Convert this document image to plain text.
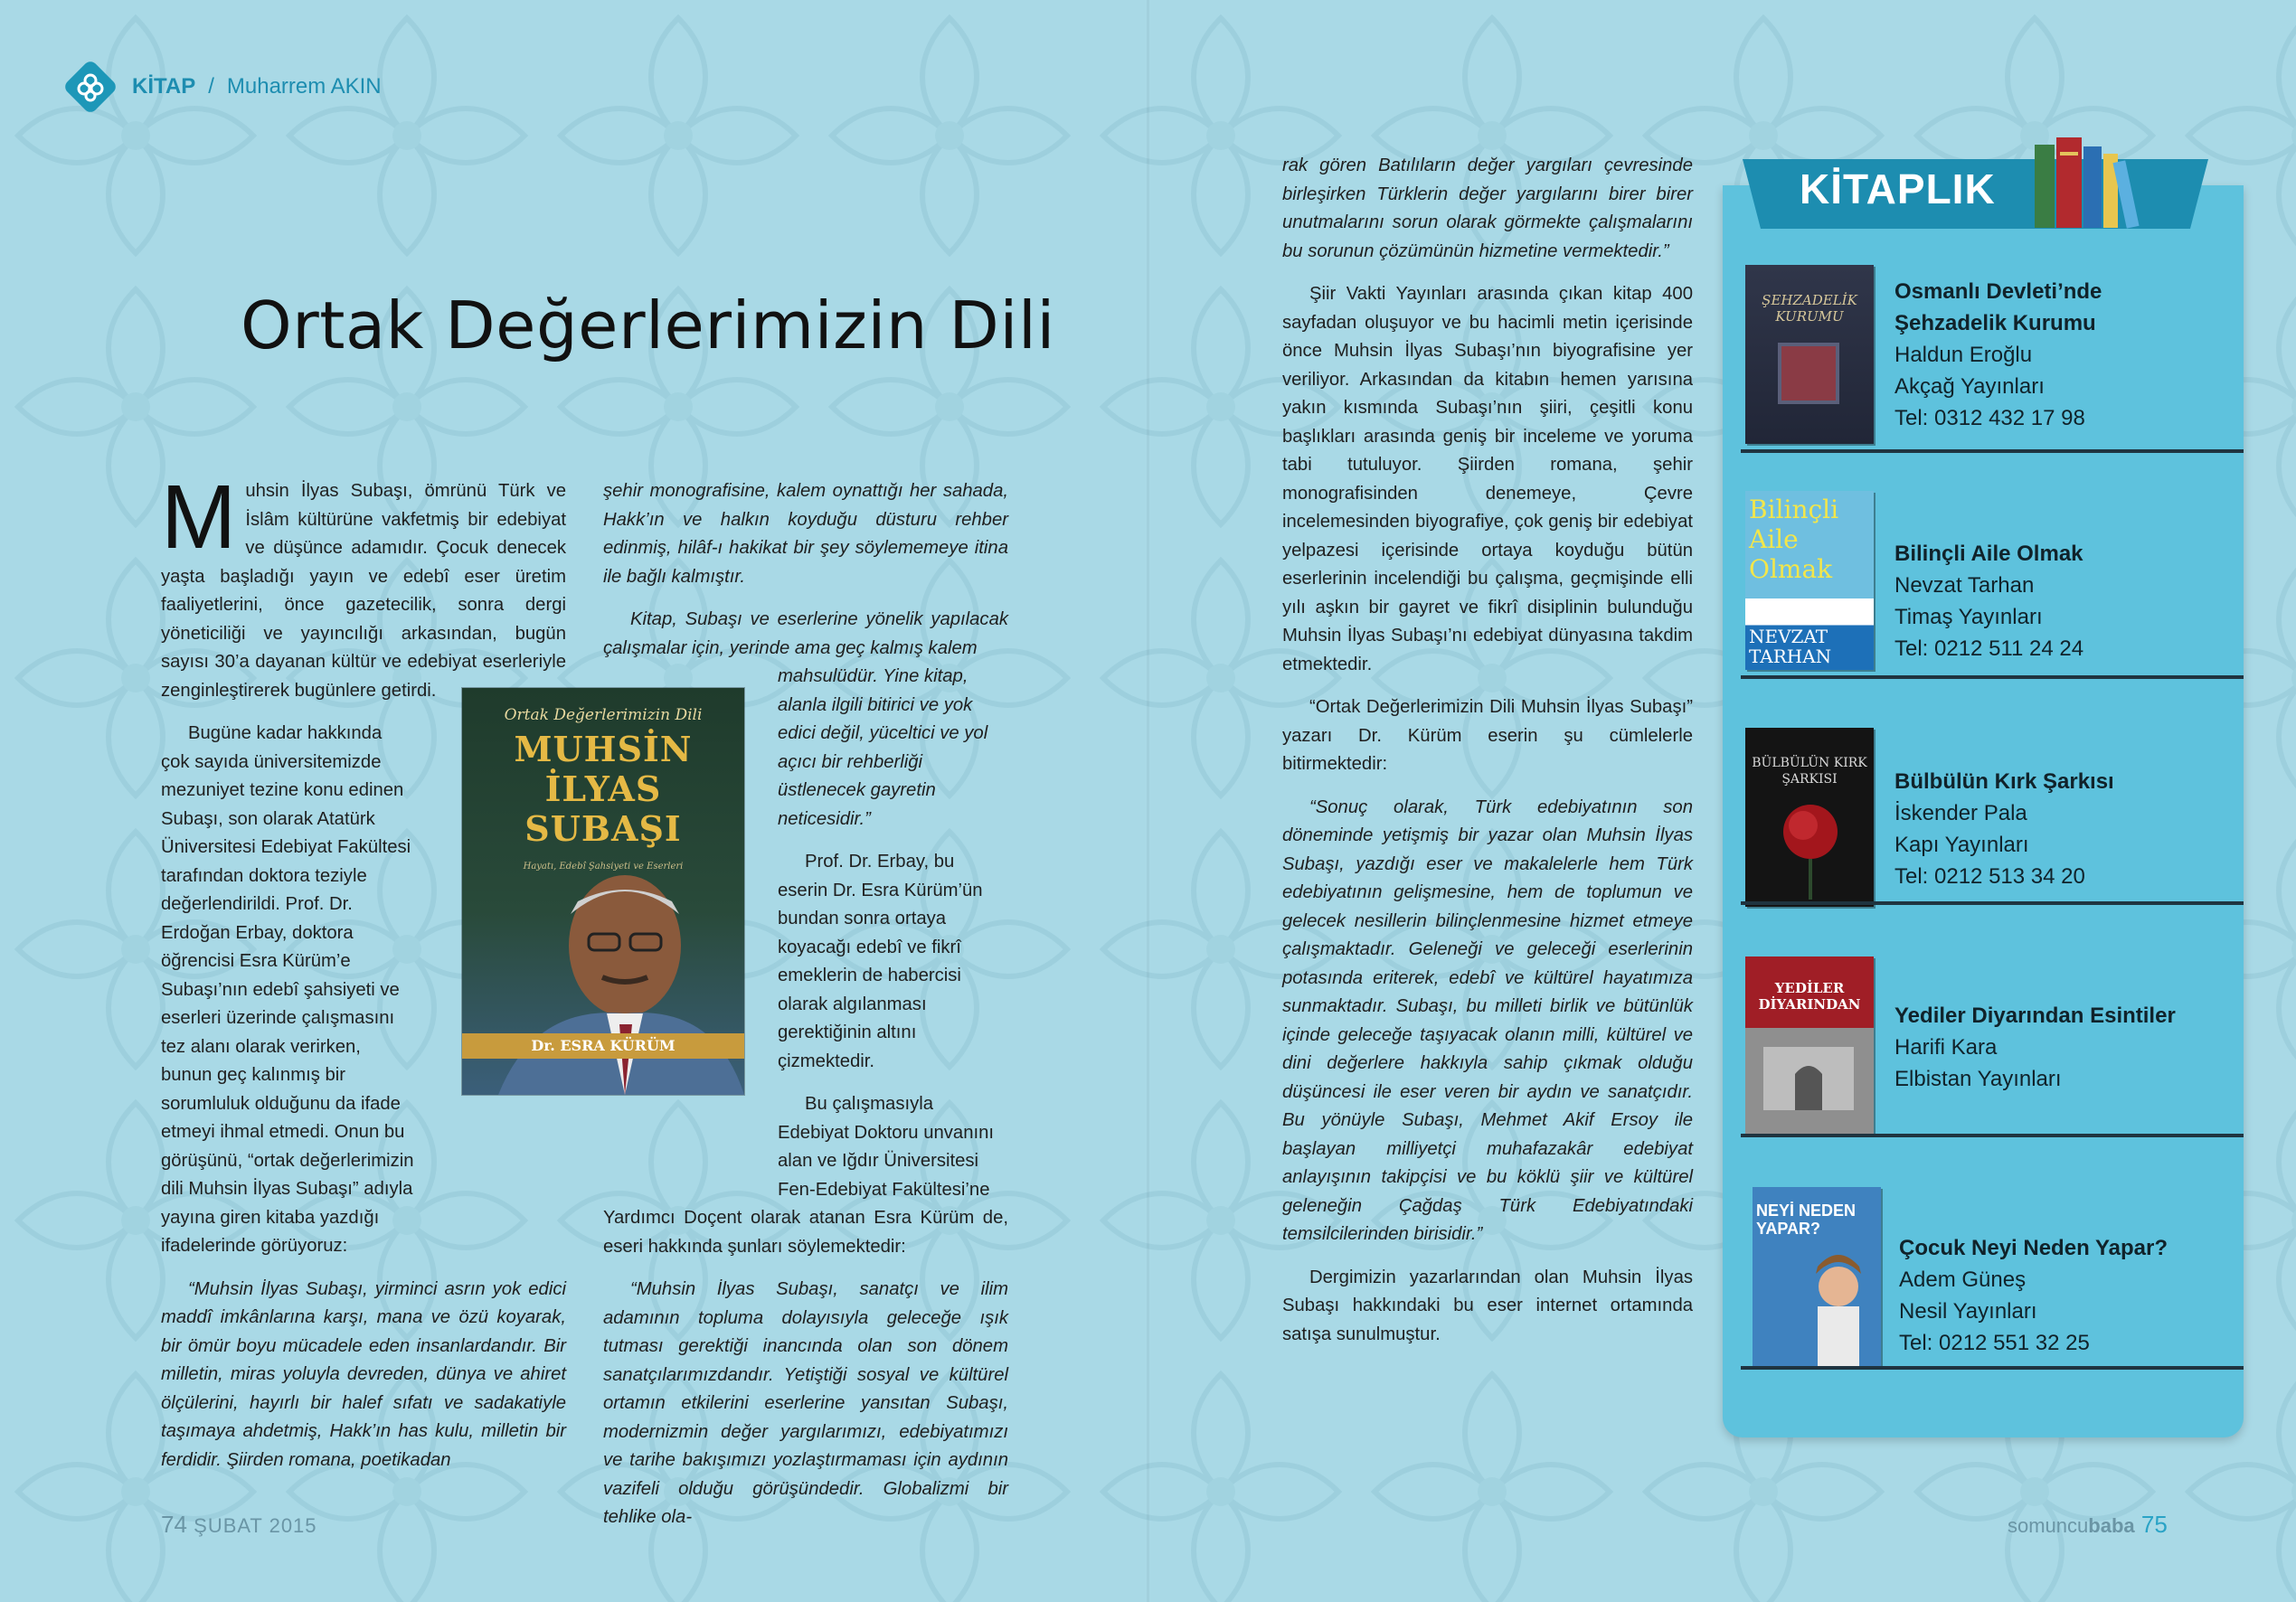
KİTAP / Muharrem AKIN
Ortak Değerlerimizin Dili

Muhsin İlyas Subaşı, ömrünü Türk ve İslâm kültürüne vakfetmiş bir edebiyat ve düşünce adamıdır. Çocuk denecek yaşta başladığı yayın ve edebî eser üretim faaliyetlerini, önce gazetecilik, sonra dergi yöneticiliği ve yayıncılığı arkasından, bugün sayısı 30’a dayanan kültür ve edebiyat eserleriyle zenginleştirerek bugünlere getirdi.

Bugüne kadar hakkında çok sayıda üniversitemizde mezuniyet tezine konu edinen Subaşı, son olarak Atatürk Üniversitesi Edebiyat Fakültesi tarafından doktora teziyle değerlendirildi. Prof. Dr. Erdoğan Erbay, doktora öğrencisi Esra Kürüm’e Subaşı’nın edebî şahsiyeti ve eserleri üzerinde çalışmasını tez alanı olarak verirken, bunun geç kalınmış bir sorumluluk olduğunu da ifade etmeyi ihmal etmedi. Onun bu görüşünü, “ortak değerlerimizin dili Muhsin İlyas Subaşı” adıyla yayına giren kitaba yazdığı ifadelerinde görüyoruz:

“Muhsin İlyas Subaşı, yirminci asrın yok edici maddî imkânlarına karşı, mana ve özü koyarak, bir ömür boyu mücadele eden insanlardandır. Bir milletin, miras yoluyla devreden, dünya ve ahiret ölçülerini, hayırlı bir halef sıfatı ve sadakatiyle taşımaya ahdetmiş, Hakk’ın has kulu, milletin bir ferdidir. Şiirden romana, poetikadan

Ortak Değerlerimizin Dili
MUHSİN
İLYAS
SUBAŞI
Hayatı, Edebî Şahsiyeti ve Eserleri
Dr. ESRA KÜRÜM

şehir monografisine, kalem oynattığı her sahada, Hakk’ın ve halkın koyduğu düsturu rehber edinmiş, hilâf-ı hakikat bir şey söylememeye itina ile bağlı kalmıştır.

Kitap, Subaşı ve eserlerine yönelik yapılacak çalışmalar için, yerinde ama geç kalmış kalem

mahsulüdür. Yine kitap, alanla ilgili bitirici ve yok edici değil, yüceltici ve yol açıcı bir rehberliği üstlenecek gayretin neticesidir.”

Prof. Dr. Erbay, bu eserin Dr. Esra Kürüm’ün bundan sonra ortaya koyacağı edebî ve fikrî emeklerin de habercisi olarak algılanması gerektiğinin altını çizmektedir.

Bu çalışmasıyla Edebiyat Doktoru unvanını alan ve Iğdır Üniversitesi Fen-Edebiyat Fakültesi’ne

Yardımcı Doçent olarak atanan Esra Kürüm de, eseri hakkında şunları söylemektedir:

“Muhsin İlyas Subaşı, sanatçı ve ilim adamının topluma dolayısıyla geleceğe ışık tutması gerektiği inancında olan son dönem sanatçılarımızdandır. Yetiştiği sosyal ve kültürel ortamın etkilerini eserlerine yansıtan Subaşı, modernizmin değer yargılarımızı, edebiyatımızı ve tarihe bakışımızı yozlaştırmaması için aydının vazifeli olduğu görüşündedir. Globalizmi bir tehlike ola-

rak gören Batılıların değer yargıları çevresinde birleşirken Türklerin değer yargılarını birer birer unutmalarını sorun olarak görmekte çalışmalarını bu sorunun çözümünün hizmetine vermektedir.”

Şiir Vakti Yayınları arasında çıkan kitap 400 sayfadan oluşuyor ve bu hacimli metin içerisinde önce Muhsin İlyas Subaşı’nın biyografisine yer veriliyor. Arkasından da kitabın hemen yarısına yakın kısmında Subaşı’nın şiiri, çeşitli konu başlıkları arasında geniş bir inceleme ve yoruma tabi tutuluyor. Şiirden romana, şehir monografisinden denemeye, Çevre incelemesinden biyografiye, çok geniş bir edebiyat yelpazesi içerisinde ortaya koyduğu bütün eserlerinin incelendiği bu çalışma, geçmişinde elli yılı aşkın bir gayret ve fikrî disiplinin bulunduğu Muhsin İlyas Subaşı’nı edebiyat dünyasına takdim etmektedir.

“Ortak Değerlerimizin Dili Muhsin İlyas Subaşı” yazarı Dr. Kürüm eserin şu cümlelerle bitirmektedir:

“Sonuç olarak, Türk edebiyatının son döneminde yetişmiş bir yazar olan Muhsin İlyas Subaşı, yazdığı eser ve makalelerle hem Türk edebiyatının gelişmesine, hem de toplumun ve gelecek nesillerin bilinçlenmesine hizmet etmeye çalışmaktadır. Geleneği ve geleceği eserlerinin potasında eriterek, edebî ve kültürel hayatımıza sunmaktadır. Subaşı, bu milleti birlik ve bütünlük içinde geleceğe taşıyacak olanın milli, kültürel ve dini değerlere hakkıyla sahip çıkmak olduğu düşüncesi ile eser veren bir aydın ve sanatçıdır. Bu yönüyle Subaşı, Mehmet Akif Ersoy ile başlayan milliyetçi muhafazakâr edebiyat anlayışının takipçisi ve bu köklü şiir ve kültürel geleneğin Çağdaş Türk Edebiyatındaki temsilcilerinden birisidir.”

Dergimizin yazarlarından olan Muhsin İlyas Subaşı hakkındaki bu eser internet ortamında satışa sunulmuştur.

KİTAPLIK
ŞEHZADELİK KURUMU
Osmanlı Devleti’nde
Şehzadelik Kurumu
Haldun Eroğlu
Akçağ Yayınları
Tel: 0312 432 17 98
Bilinçli Aile Olmak
NEVZAT TARHAN
Bilinçli Aile Olmak
Nevzat Tarhan
Timaş Yayınları
Tel: 0212 511 24 24
BÜLBÜLÜN KIRK ŞARKISI	Bülbülün Kırk Şarkısı
İskender Pala
Kapı Yayınları
Tel: 0212 513 34 20
YEDİLER DİYARINDAN	Yediler Diyarından Esintiler
Harifi Kara
Elbistan Yayınları
NEYİ NEDEN YAPAR?
Çocuk Neyi Neden Yapar?
Adem Güneş
Nesil Yayınları
Tel: 0212 551 32 25
74 ŞUBAT 2015	somuncubaba 75
